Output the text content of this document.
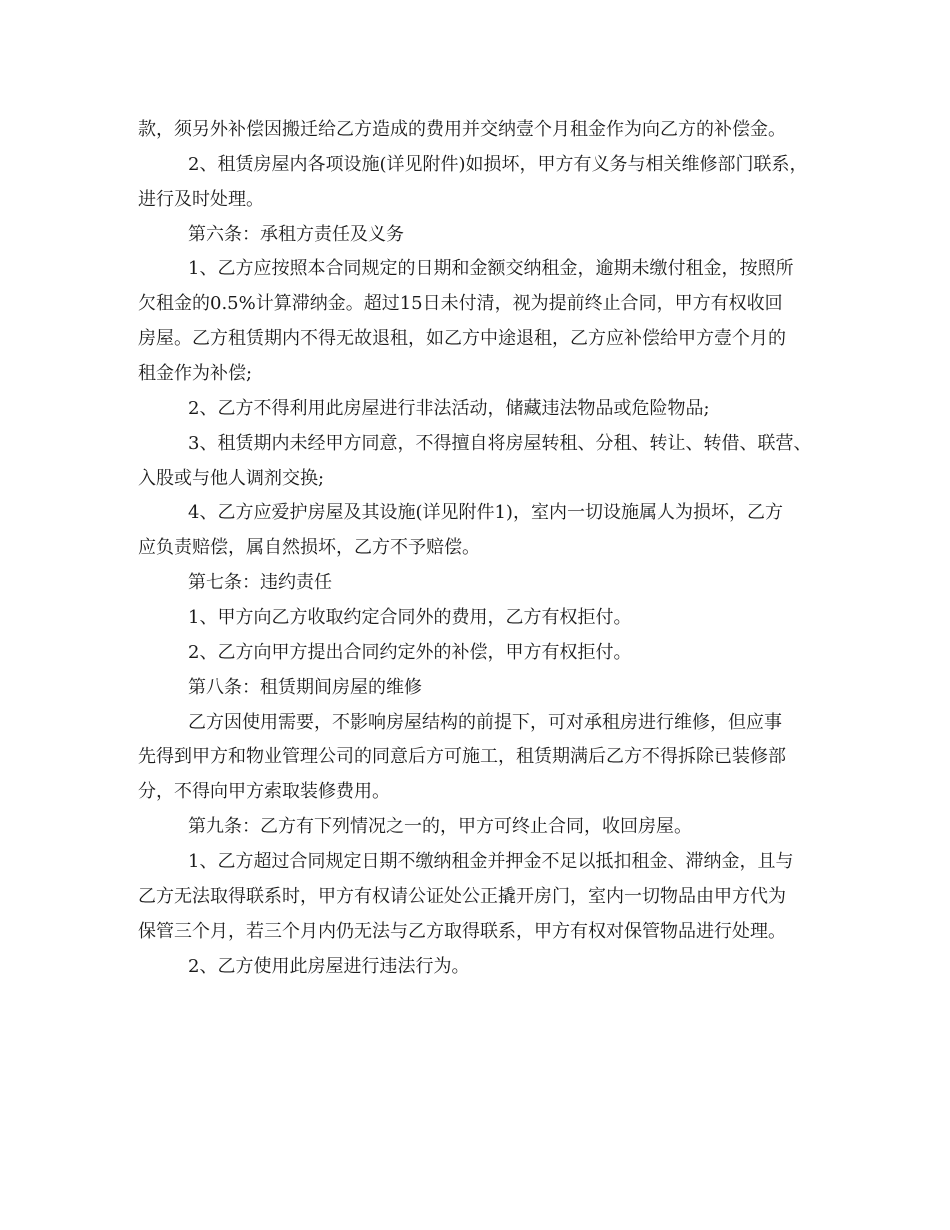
款，须另外补偿因搬迁给乙方造成的费用并交纳壹个月租金作为向乙方的补偿金。

2、租赁房屋内各项设施(详见附件)如损坏，甲方有义务与相关维修部门联系，

进行及时处理。

第六条：承租方责任及义务

1、乙方应按照本合同规定的日期和金额交纳租金，逾期未缴付租金，按照所

欠租金的0.5%计算滞纳金。超过15日未付清，视为提前终止合同，甲方有权收回

房屋。乙方租赁期内不得无故退租，如乙方中途退租，乙方应补偿给甲方壹个月的

租金作为补偿;

2、乙方不得利用此房屋进行非法活动，储藏违法物品或危险物品;

3、租赁期内未经甲方同意，不得擅自将房屋转租、分租、转让、转借、联营、

入股或与他人调剂交换;

4、乙方应爱护房屋及其设施(详见附件1)，室内一切设施属人为损坏，乙方

应负责赔偿，属自然损坏，乙方不予赔偿。

第七条：违约责任

1、甲方向乙方收取约定合同外的费用，乙方有权拒付。

2、乙方向甲方提出合同约定外的补偿，甲方有权拒付。

第八条：租赁期间房屋的维修

乙方因使用需要，不影响房屋结构的前提下，可对承租房进行维修，但应事

先得到甲方和物业管理公司的同意后方可施工，租赁期满后乙方不得拆除已装修部

分，不得向甲方索取装修费用。

第九条：乙方有下列情况之一的，甲方可终止合同，收回房屋。

1、乙方超过合同规定日期不缴纳租金并押金不足以抵扣租金、滞纳金，且与

乙方无法取得联系时，甲方有权请公证处公正撬开房门，室内一切物品由甲方代为

保管三个月，若三个月内仍无法与乙方取得联系，甲方有权对保管物品进行处理。

2、乙方使用此房屋进行违法行为。
